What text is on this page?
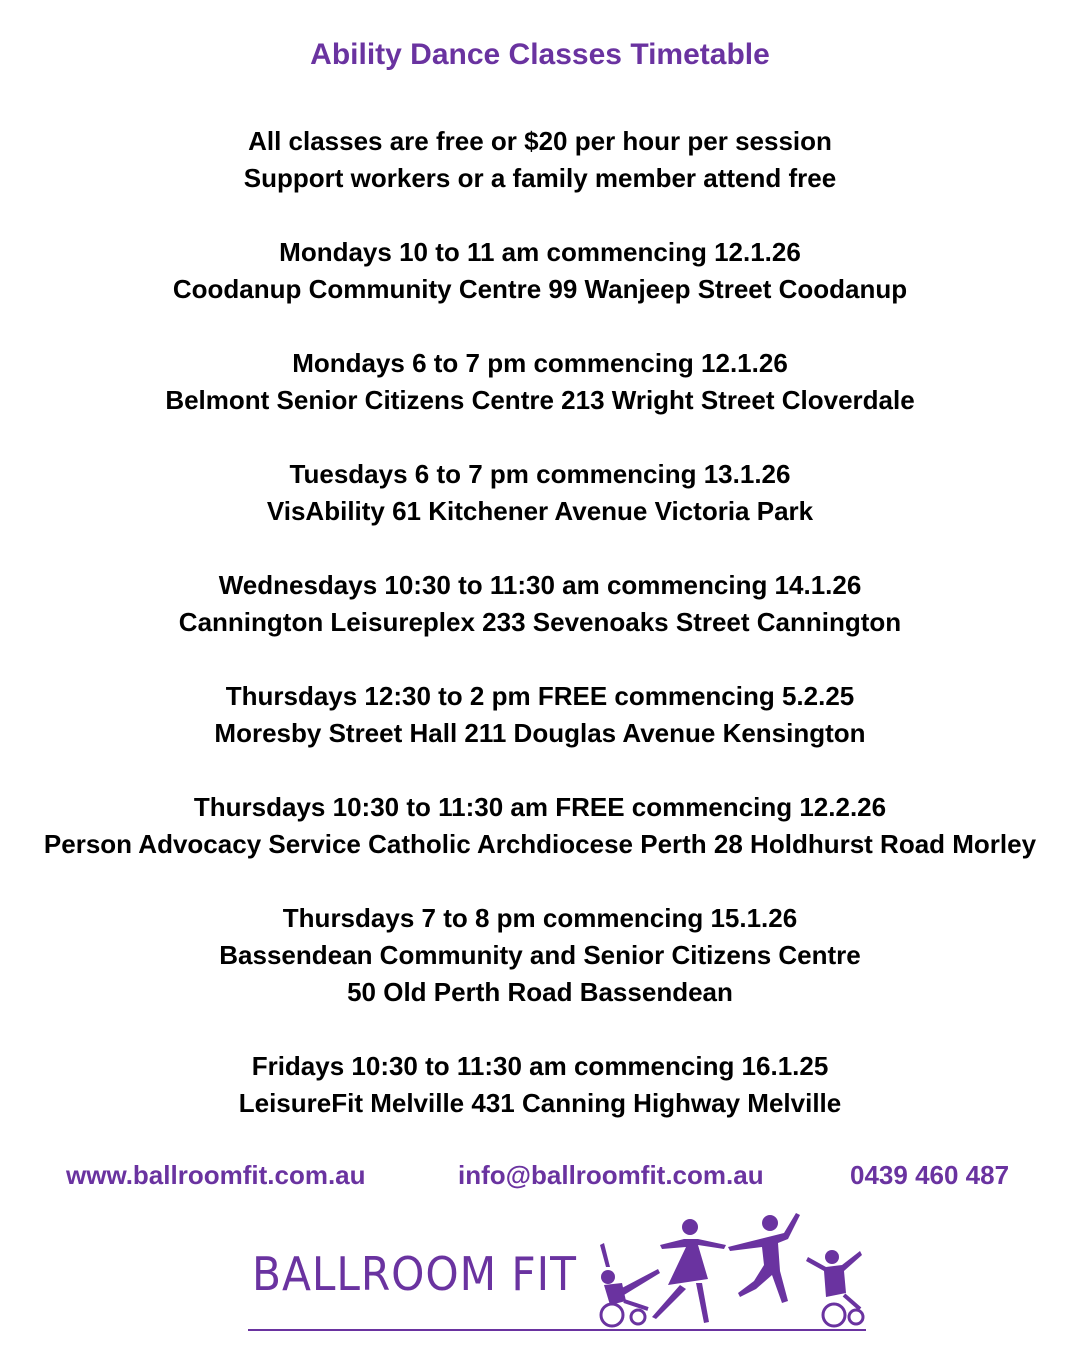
Ability Dance Classes Timetable
All classes are free or $20 per hour per session
Support workers or a family member attend free
Mondays 10 to 11 am commencing 12.1.26
Coodanup Community Centre 99 Wanjeep Street Coodanup
Mondays 6 to 7 pm commencing 12.1.26
Belmont Senior Citizens Centre 213 Wright Street Cloverdale
Tuesdays 6 to 7 pm commencing 13.1.26
VisAbility 61 Kitchener Avenue Victoria Park
Wednesdays 10:30 to 11:30 am commencing 14.1.26
Cannington Leisureplex 233 Sevenoaks Street Cannington
Thursdays 12:30 to 2 pm FREE commencing 5.2.25
Moresby Street Hall 211 Douglas Avenue Kensington
Thursdays 10:30 to 11:30 am FREE commencing 12.2.26
Person Advocacy Service Catholic Archdiocese Perth 28 Holdhurst Road Morley
Thursdays 7 to 8 pm commencing 15.1.26
Bassendean Community and Senior Citizens Centre
50 Old Perth Road Bassendean
Fridays 10:30 to 11:30 am commencing 16.1.25
LeisureFit Melville 431 Canning Highway Melville
www.ballroomfit.com.au	info@ballroomfit.com.au	0439 460 487
BALLROOM FIT
